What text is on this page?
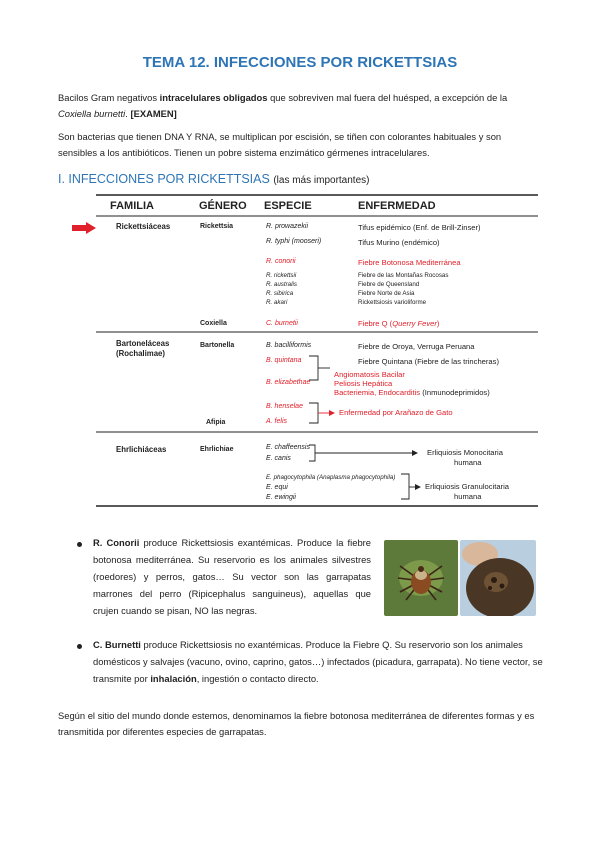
TEMA 12. INFECCIONES POR RICKETTSIAS
Bacilos Gram negativos intracelulares obligados que sobreviven mal fuera del huésped, a excepción de la Coxiella burnetti. [EXAMEN]
Son bacterias que tienen DNA Y RNA, se multiplican por escisión, se tiñen con colorantes habituales y son sensibles a los antibióticos. Tienen un pobre sistema enzimático gérmenes intracelulares.
I. INFECCIONES POR RICKETTSIAS (las más importantes)
FAMILIA	GÉNERO ESPECIE	ENFERMEDAD
Rickettsiáceas
Bartoneláceas
(Rochalimae)
Ehrlichiáceas
Rickettsia
Coxiella
Bartonella
Afipia
Ehrlichiae
R. prowazekii
R. typhi (mooseri)
R. conorii
R. rickettsii
R. australis
R. sibirica
R. akari
C. burnetii
B. bacilliformis
B. quintana
B. elizabethae
B. henselae
A. felis
E. chaffeensis
E. canis
E. phagocytophila (Anaplasma phagocytophila)
E. equi
E. ewingii
Tifus epidémico (Enf. de Brill-Zinser)
Tifus Murino (endémico)
Fiebre Botonosa Mediterránea
Fiebre de las Montañas Rocosas
Fiebre de Queensland
Fiebre Norte de Asia
Rickettsiosis varioliforme
Fiebre Q (Querry Fever)
Fiebre de Oroya, Verruga Peruana
Fiebre Quintana (Fiebre de las trincheras)
Angiomatosis Bacilar
Peliosis Hepática
Bacteriemia, Endocarditis (Inmunodeprimidos)
Enfermedad por Arañazo de Gato
Erliquiosis Monocitaria
humana
Erliquiosis Granulocitaria
humana
R. Conorii produce Rickettsiosis exantémicas. Produce la fiebre botonosa mediterránea. Su reservorio es los animales silvestres (roedores) y perros, gatos… Su vector son las garrapatas marrones del perro (Ripicephalus sanguineus), aquellas que crujen cuando se pisan, NO las negras.
C. Burnetti produce Rickettsiosis no exantémicas. Produce la Fiebre Q. Su reservorio son los animales domésticos y salvajes (vacuno, ovino, caprino, gatos…) infectados (picadura, garrapata). No tiene vector, se transmite por inhalación, ingestión o contacto directo.
Según el sitio del mundo donde estemos, denominamos la fiebre botonosa mediterránea de diferentes formas y es transmitida por diferentes especies de garrapatas.
